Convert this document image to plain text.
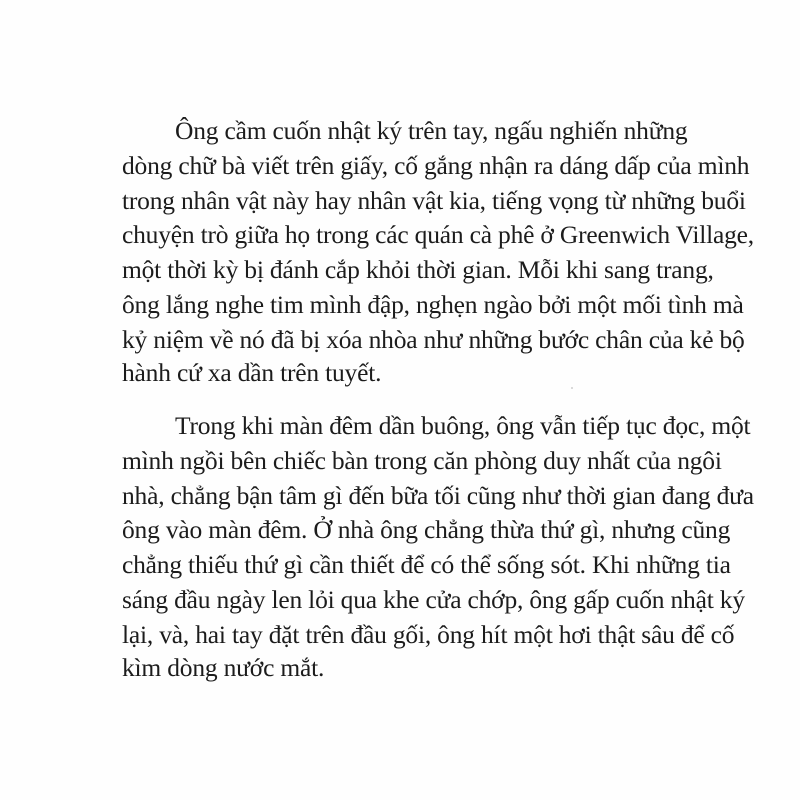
Ông cầm cuốn nhật ký trên tay, ngấu nghiến những
dòng chữ bà viết trên giấy, cố gắng nhận ra dáng dấp của mình
trong nhân vật này hay nhân vật kia, tiếng vọng từ những buổi
chuyện trò giữa họ trong các quán cà phê ở Greenwich Village,
một thời kỳ bị đánh cắp khỏi thời gian. Mỗi khi sang trang,
ông lắng nghe tim mình đập, nghẹn ngào bởi một mối tình mà
kỷ niệm về nó đã bị xóa nhòa như những bước chân của kẻ bộ
hành cứ xa dần trên tuyết.
Trong khi màn đêm dần buông, ông vẫn tiếp tục đọc, một
mình ngồi bên chiếc bàn trong căn phòng duy nhất của ngôi
nhà, chẳng bận tâm gì đến bữa tối cũng như thời gian đang đưa
ông vào màn đêm. Ở nhà ông chẳng thừa thứ gì, nhưng cũng
chẳng thiếu thứ gì cần thiết để có thể sống sót. Khi những tia
sáng đầu ngày len lỏi qua khe cửa chớp, ông gấp cuốn nhật ký
lại, và, hai tay đặt trên đầu gối, ông hít một hơi thật sâu để cố
kìm dòng nước mắt.
